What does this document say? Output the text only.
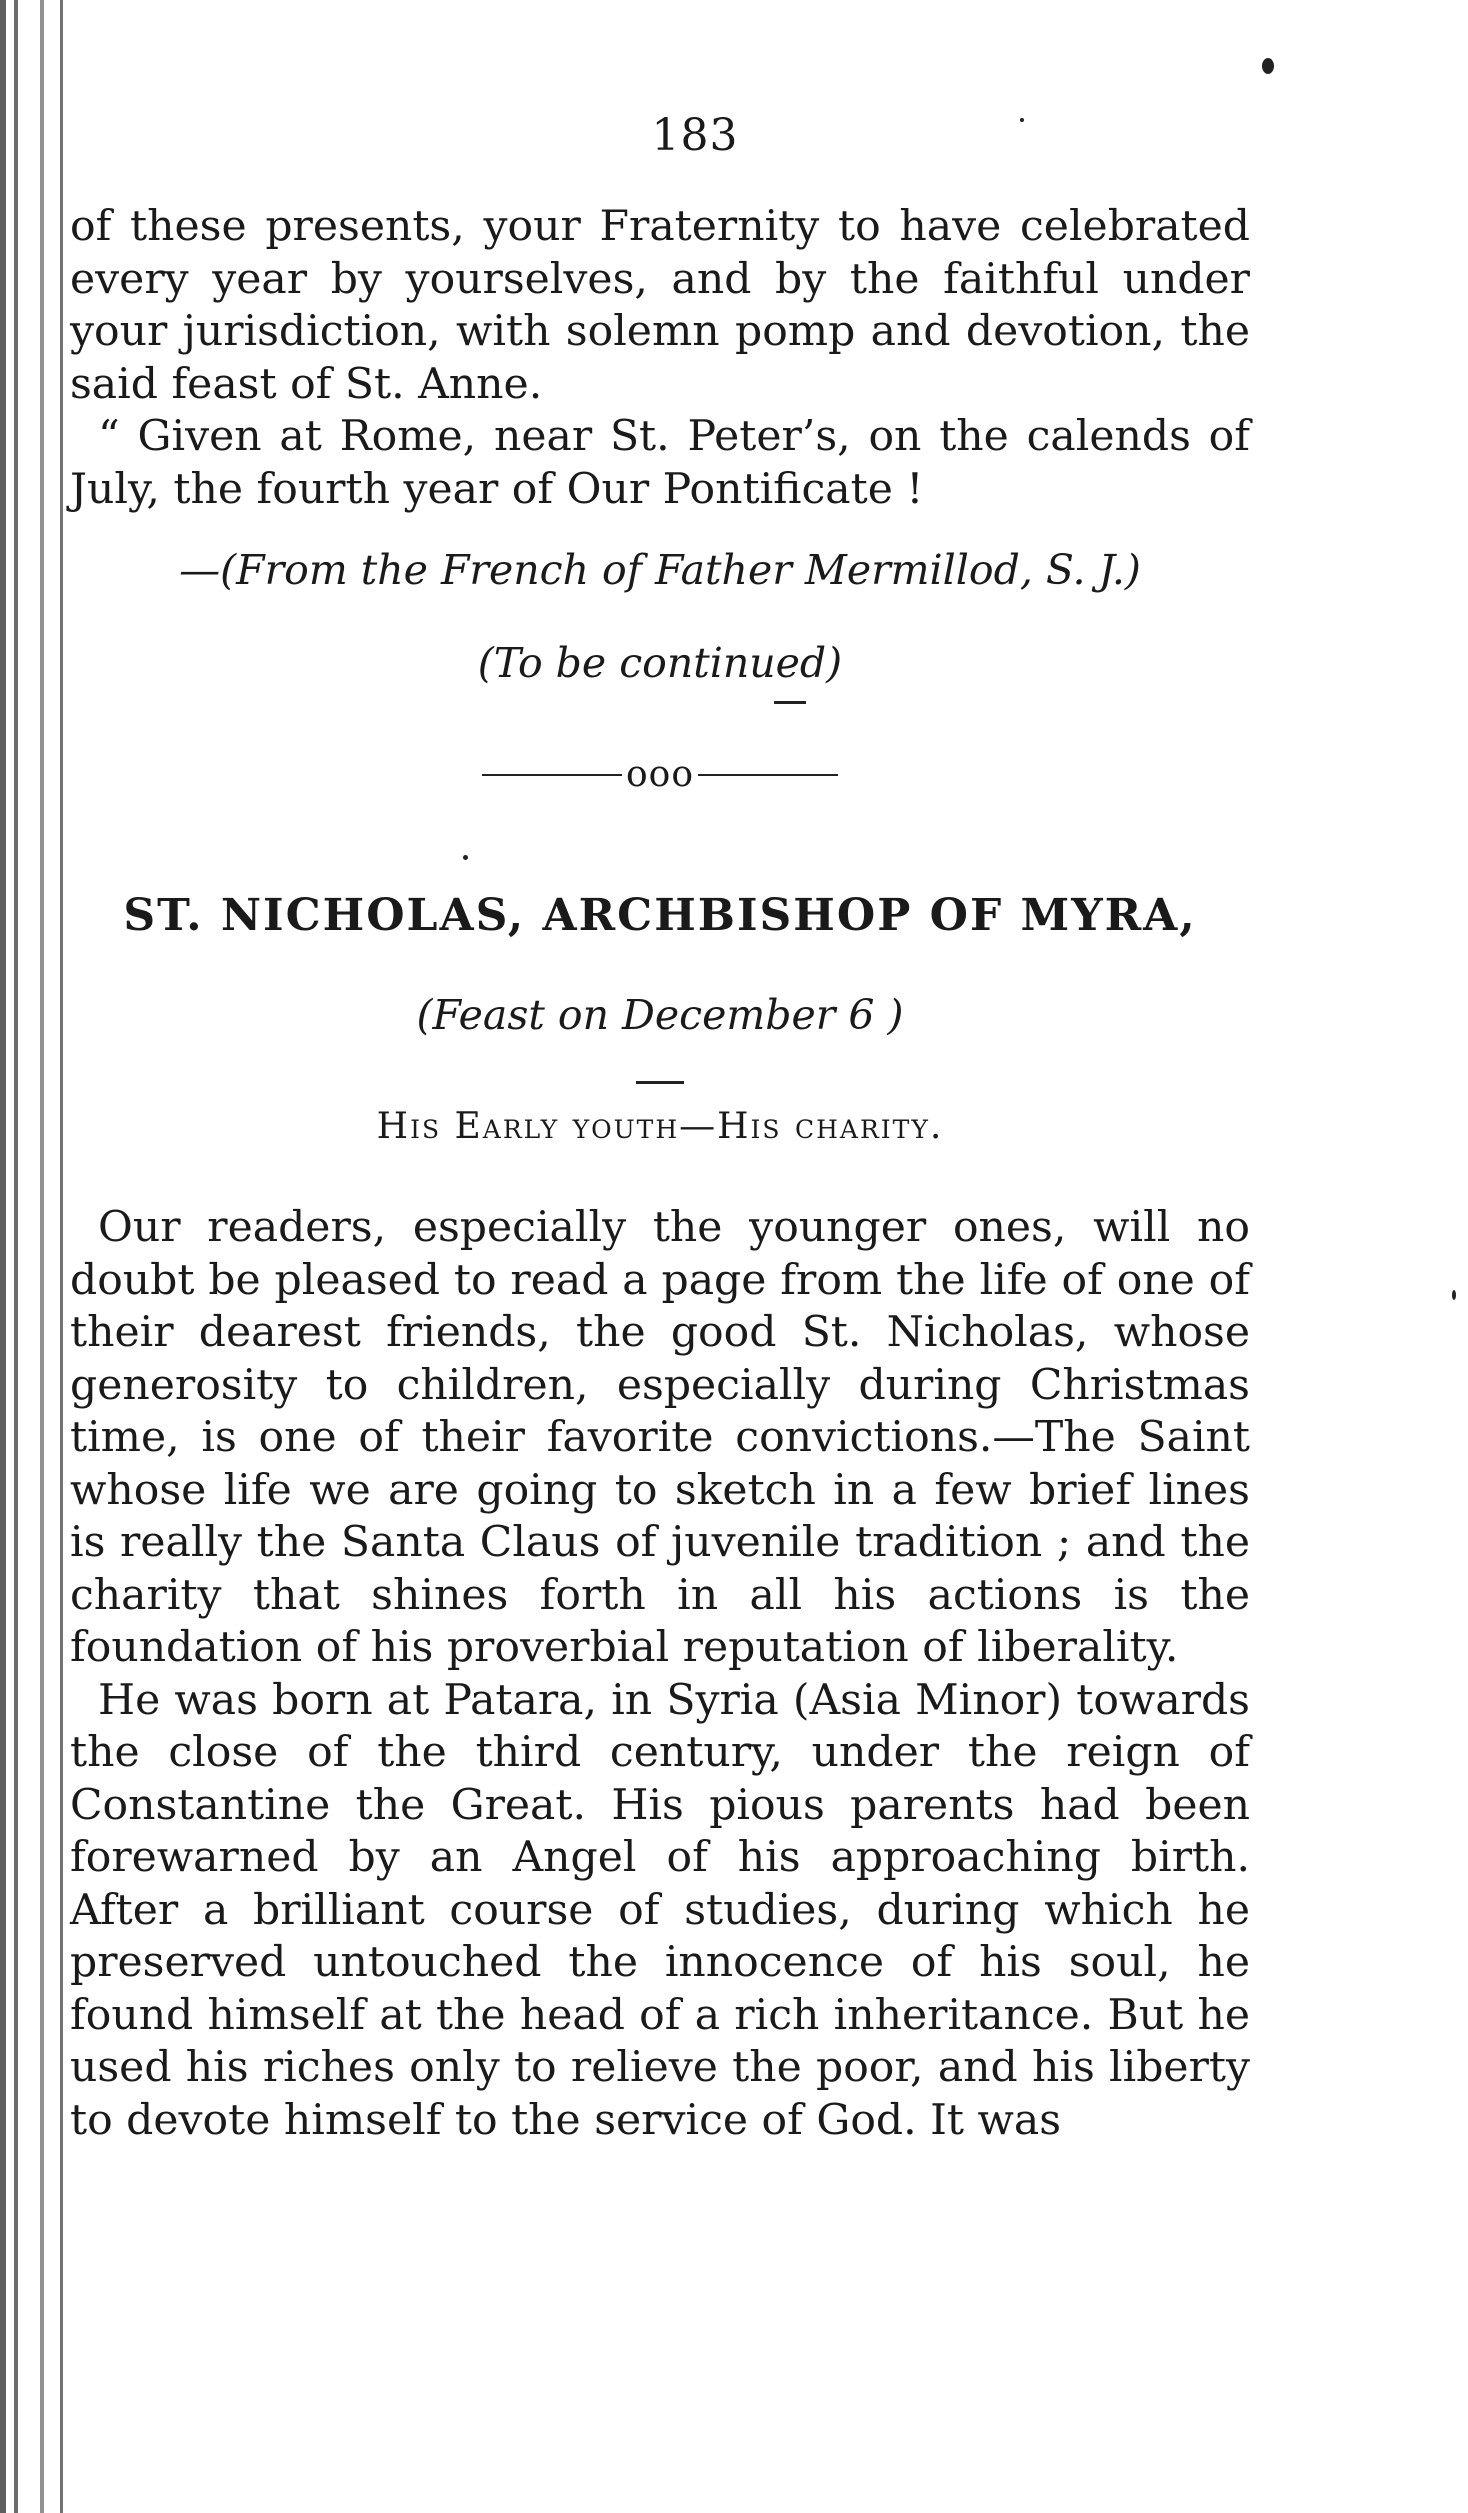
183

of these presents, your Fraternity to have celebrated every year by yourselves, and by the faithful under your jurisdiction, with solemn pomp and devotion, the said feast of St. Anne.

“ Given at Rome, near St. Peter’s, on the calends of July, the fourth year of Our Pontificate !

—(From the French of Father Mermillod, S. J.)
(To be continued)
ooo
ST. NICHOLAS, ARCHBISHOP OF MYRA,
(Feast on December 6 )
His Early youth—His charity.

Our readers, especially the younger ones, will no doubt be pleased to read a page from the life of one of their dearest friends, the good St. Nicholas, whose generosity to children, especially during Christmas time, is one of their favorite convictions.—The Saint whose life we are going to sketch in a few brief lines is really the Santa Claus of juvenile tradition ; and the charity that shines forth in all his actions is the foundation of his proverbial reputation of liberality.

He was born at Patara, in Syria (Asia Minor) towards the close of the third century, under the reign of Constantine the Great. His pious parents had been forewarned by an Angel of his approaching birth. After a brilliant course of studies, during which he preserved untouched the innocence of his soul, he found himself at the head of a rich inheritance. But he used his riches only to relieve the poor, and his liberty to devote himself to the service of God. It was
